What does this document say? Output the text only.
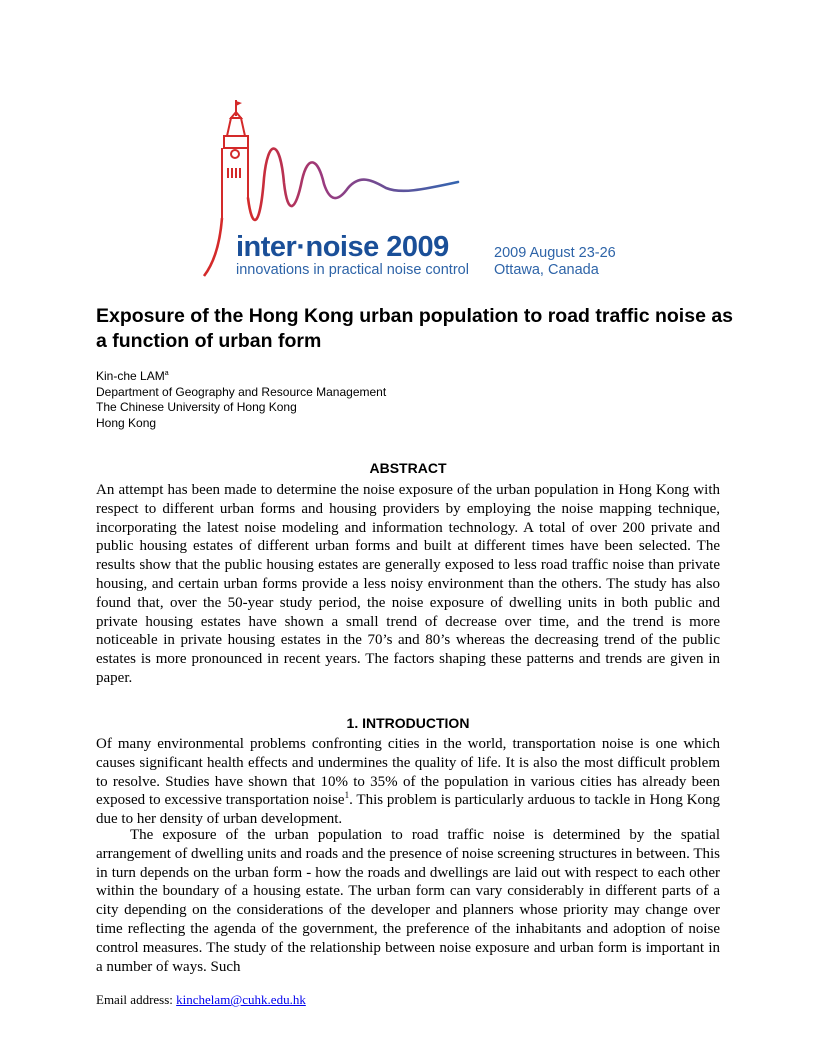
inter·noise 2009
innovations in practical noise control
2009 August 23-26
Ottawa, Canada
Exposure of the Hong Kong urban population to road traffic noise as a function of urban form
Kin-che LAM$^a$
Department of Geography and Resource Management
The Chinese University of Hong Kong
Hong Kong
ABSTRACT

An attempt has been made to determine the noise exposure of the urban population in Hong Kong with respect to different urban forms and housing providers by employing the noise mapping technique, incorporating the latest noise modeling and information technology. A total of over 200 private and public housing estates of different urban forms and built at different times have been selected. The results show that the public housing estates are generally exposed to less road traffic noise than private housing, and certain urban forms provide a less noisy environment than the others. The study has also found that, over the 50-year study period, the noise exposure of dwelling units in both public and private housing estates have shown a small trend of decrease over time, and the trend is more noticeable in private housing estates in the 70’s and 80’s whereas the decreasing trend of the public estates is more pronounced in recent years. The factors shaping these patterns and trends are given in paper.

1. INTRODUCTION

Of many environmental problems confronting cities in the world, transportation noise is one which causes significant health effects and undermines the quality of life. It is also the most difficult problem to resolve. Studies have shown that 10% to 35% of the population in various cities has already been exposed to excessive transportation noise$^1$. This problem is particularly arduous to tackle in Hong Kong due to her density of urban development.

The exposure of the urban population to road traffic noise is determined by the spatial arrangement of dwelling units and roads and the presence of noise screening structures in between. This in turn depends on the urban form - how the roads and dwellings are laid out with respect to each other within the boundary of a housing estate. The urban form can vary considerably in different parts of a city depending on the considerations of the developer and planners whose priority may change over time reflecting the agenda of the government, the preference of the inhabitants and adoption of noise control measures. The study of the relationship between noise exposure and urban form is important in a number of ways. Such

Email address: kinchelam@cuhk.edu.hk
